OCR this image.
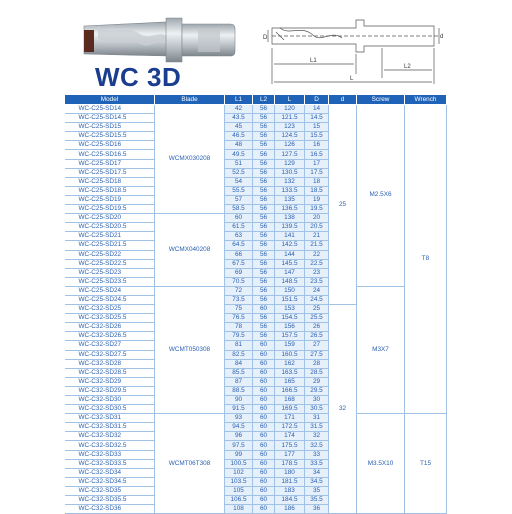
WC 3D
L1
L2
L
D	d
Model	Blade	L1	L2	L	D	d	Screw	Wrench
WC-C25-SD14	WCMX030208	42	56	120	14	25	M2.5X6	T8
WC-C25-SD14.5		43.5	56	121.5	14.5			
WC-C25-SD15		45	56	123	15			
WC-C25-SD15.5		46.5	56	124.5	15.5			
WC-C25-SD16		48	56	126	16			
WC-C25-SD16.5		49.5	56	127.5	16.5			
WC-C25-SD17		51	56	129	17			
WC-C25-SD17.5		52.5	56	130.5	17.5			
WC-C25-SD18		54	56	132	18			
WC-C25-SD18.5		55.5	56	133.5	18.5			
WC-C25-SD19		57	56	135	19			
WC-C25-SD19.5		58.5	56	136.5	19.5			
WC-C25-SD20	WCMX040208	60	56	138	20			
WC-C25-SD20.5		61.5	56	139.5	20.5			
WC-C25-SD21		63	56	141	21			
WC-C25-SD21.5		64.5	56	142.5	21.5			
WC-C25-SD22		66	56	144	22			
WC-C25-SD22.5		67.5	56	145.5	22.5			
WC-C25-SD23		69	56	147	23			
WC-C25-SD23.5		70.5	56	148.5	23.5			
WC-C25-SD24	WCMT050308	72	56	150	24		M3X7	
WC-C25-SD24.5		73.5	56	151.5	24.5			
WC-C32-SD25		75	60	153	25	32		
WC-C32-SD25.5		76.5	56	154.5	25.5			
WC-C32-SD26		78	56	156	26			
WC-C32-SD26.5		79.5	56	157.5	26.5			
WC-C32-SD27		81	60	159	27			
WC-C32-SD27.5		82.5	60	160.5	27.5			
WC-C32-SD28		84	60	162	28			
WC-C32-SD28.5		85.5	60	163.5	28.5			
WC-C32-SD29		87	60	165	29			
WC-C32-SD29.5		88.5	60	166.5	29.5			
WC-C32-SD30		90	60	168	30			
WC-C32-SD30.5		91.5	60	169.5	30.5			
WC-C32-SD31	WCMT06T308	93	60	171	31		M3.5X10	T15
WC-C32-SD31.5		94.5	60	172.5	31.5			
WC-C32-SD32		96	60	174	32			
WC-C32-SD32.5		97.5	60	175.5	32.5			
WC-C32-SD33		99	60	177	33			
WC-C32-SD33.5		100.5	60	178.5	33.5			
WC-C32-SD34		102	60	180	34			
WC-C32-SD34.5		103.5	60	181.5	34.5			
WC-C32-SD35		105	60	183	35			
WC-C32-SD35.5		106.5	60	184.5	35.5			
WC-C32-SD36		108	60	186	36			
